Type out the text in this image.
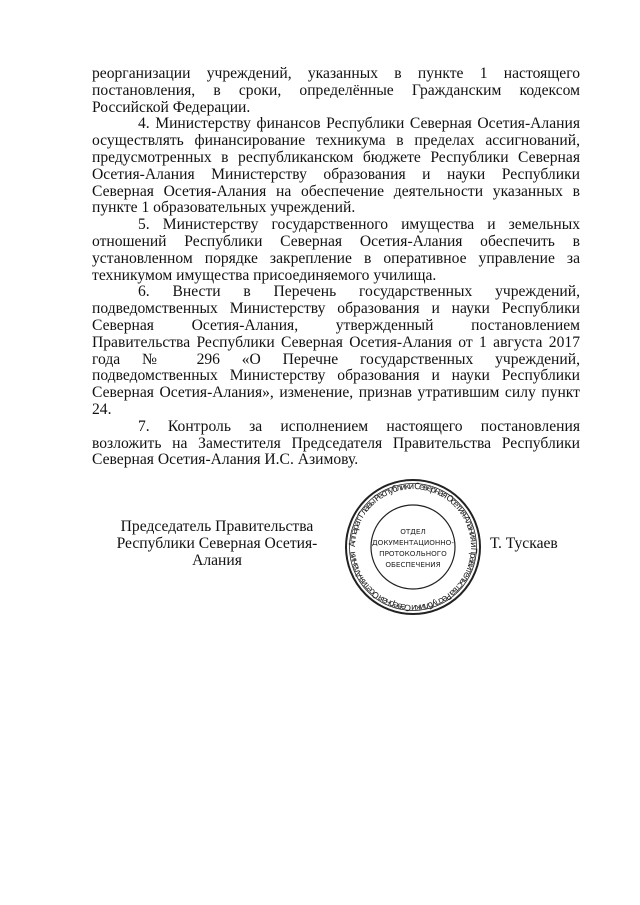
реорганизации учреждений, указанных в пункте 1 настоящего постановления, в сроки, определённые Гражданским кодексом Российской Федерации.

4. Министерству финансов Республики Северная Осетия-Алания осуществлять финансирование техникума в пределах ассигнований, предусмотренных в республиканском бюджете Республики Северная Осетия-Алания Министерству образования и науки Республики Северная Осетия-Алания на обеспечение деятельности указанных в пункте 1 образовательных учреждений.

5. Министерству государственного имущества и земельных отношений Республики Северная Осетия-Алания обеспечить в установленном порядке закрепление в оперативное управление за техникумом имущества присоединяемого училища.

6. Внести в Перечень государственных учреждений, подведомственных Министерству образования и науки Республики Северная Осетия-Алания, утвержденный постановлением Правительства Республики Северная Осетия-Алания от 1 августа 2017 года № 296 «О Перечне государственных учреждений, подведомственных Министерству образования и науки Республики Северная Осетия-Алания», изменение, признав утратившим силу пункт 24.

7. Контроль за исполнением настоящего постановления возложить на Заместителя Председателя Правительства Республики Северная Осетия-Алания И.С. Азимову.

Председатель Правительства
Республики Северная Осетия-Алания
Аппарат Главы Республики Северная Осетия-Алания и Правительства Республики Северная Осетия-Алания
ОТДЕЛ
ДОКУМЕНТАЦИОННО-
ПРОТОКОЛЬНОГО
ОБЕСПЕЧЕНИЯ
Т. Тускаев
